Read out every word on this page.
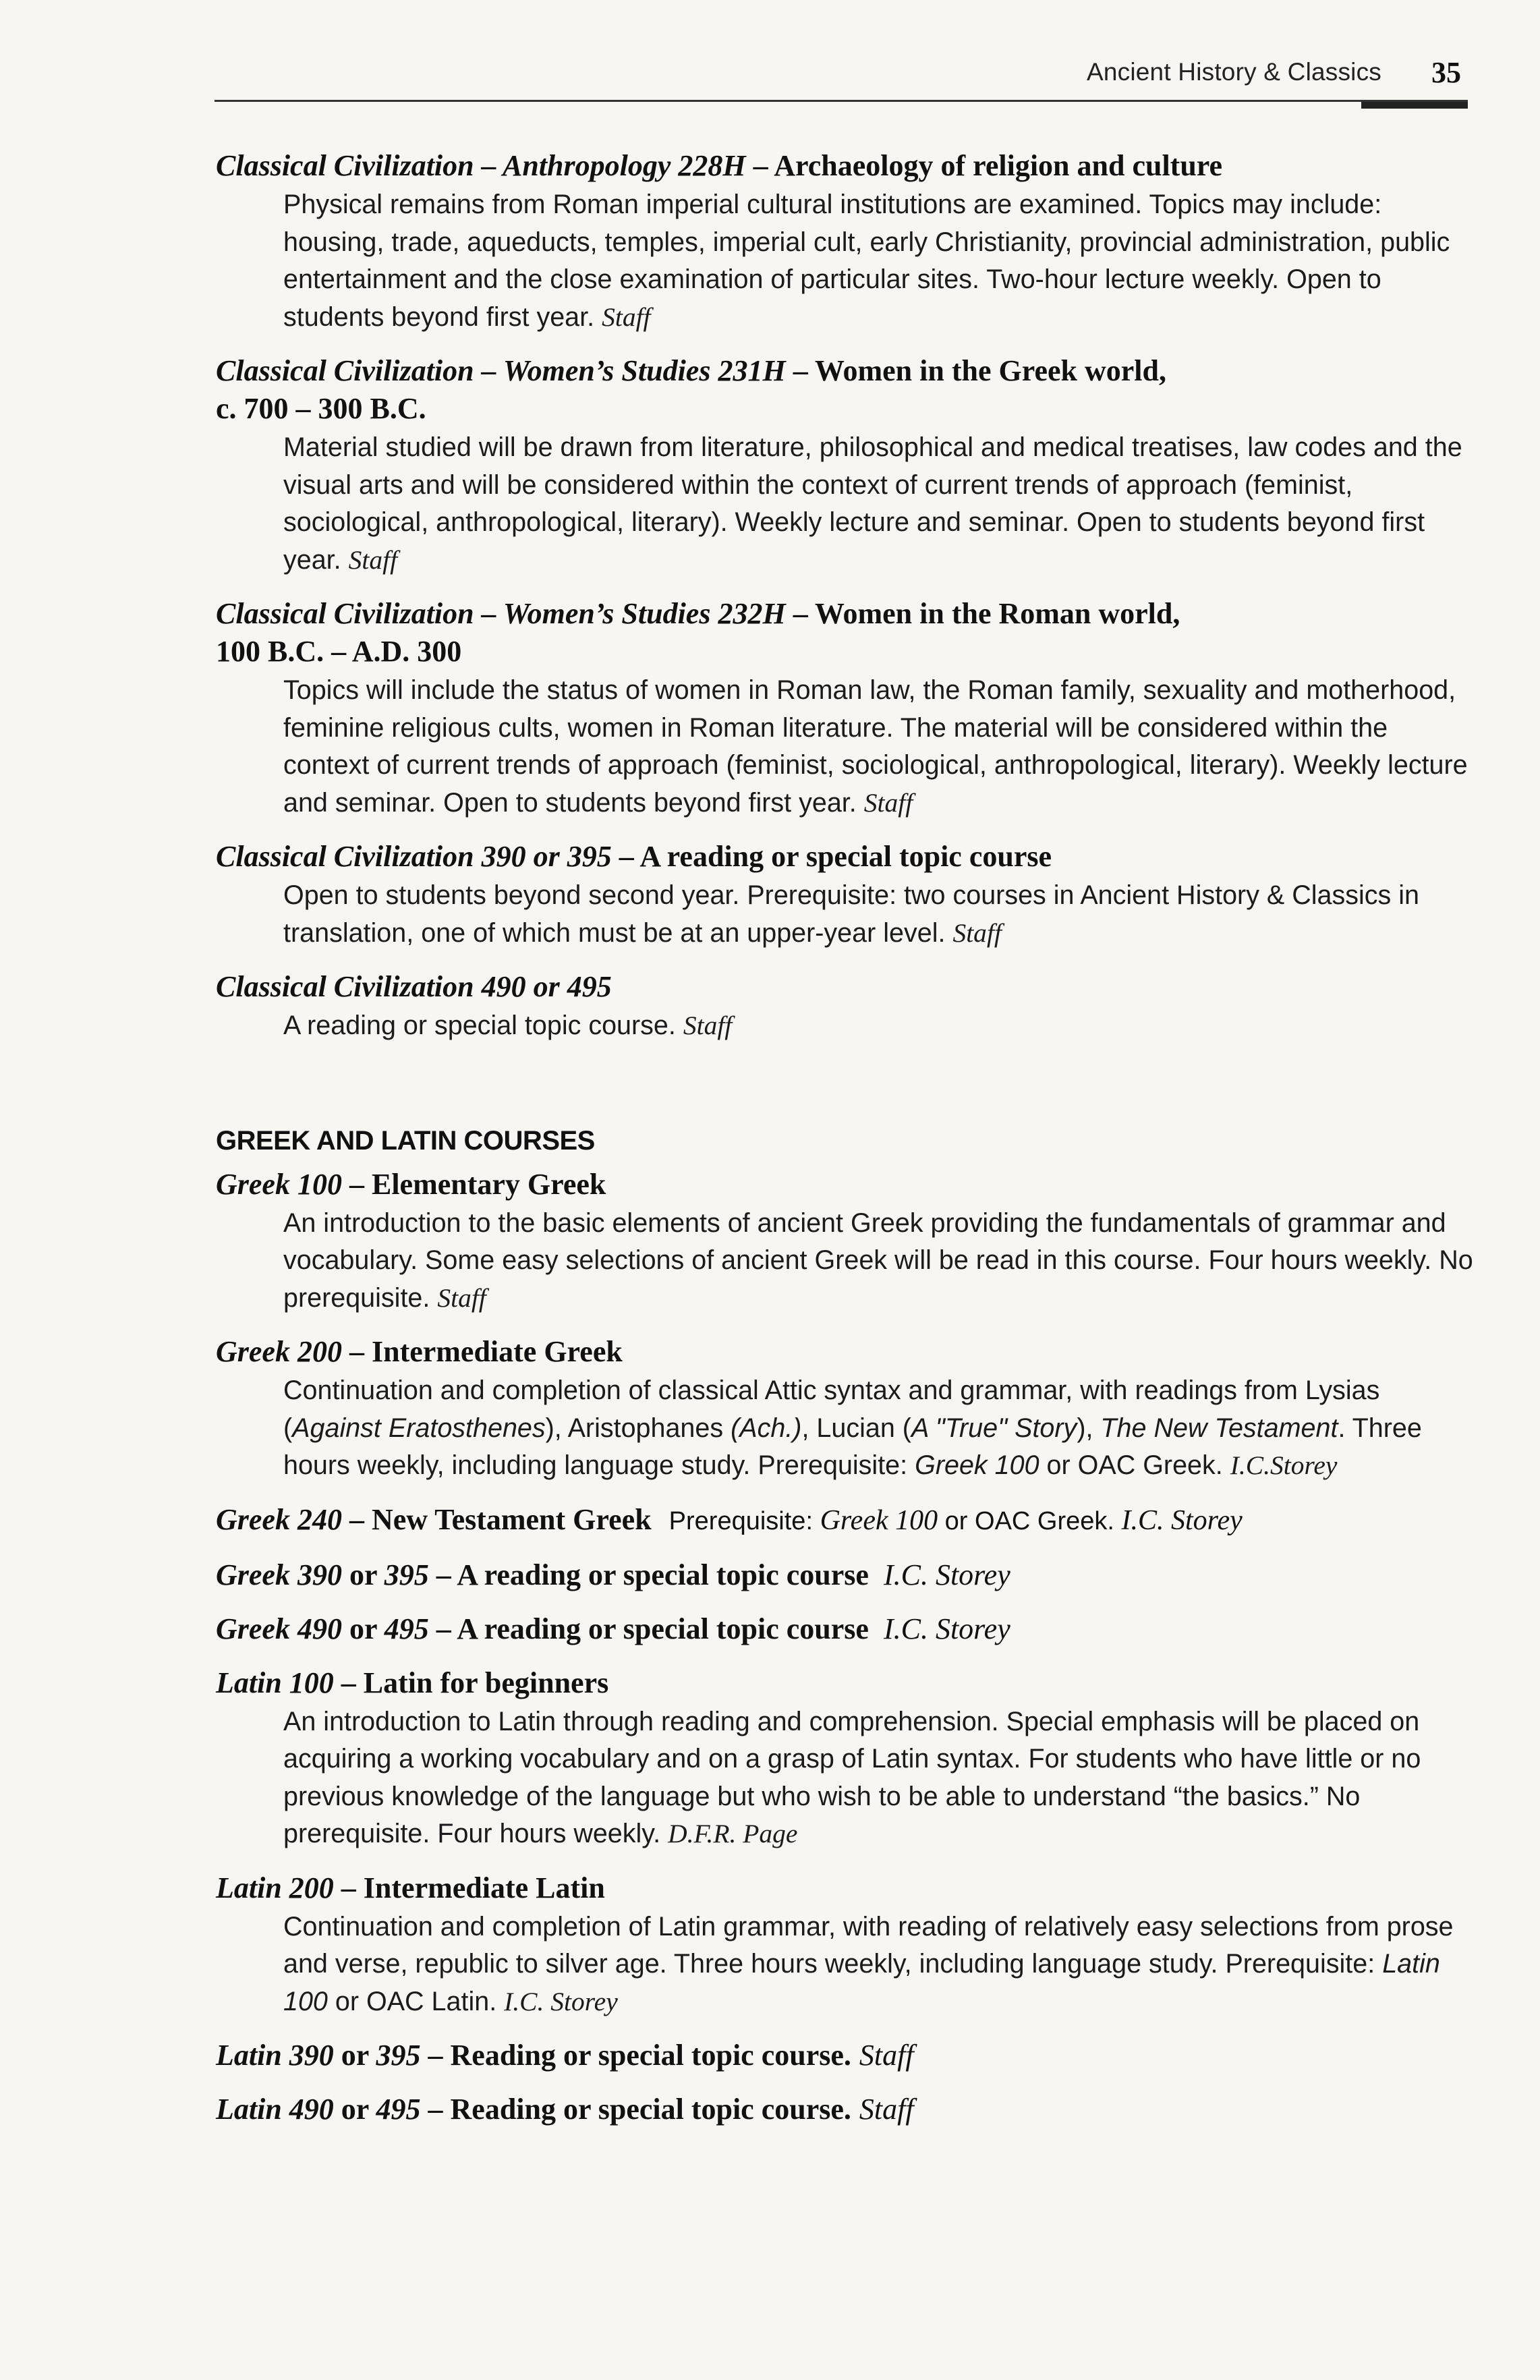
Ancient History & Classics 35
Classical Civilization – Anthropology 228H – Archaeology of religion and culture
Physical remains from Roman imperial cultural institutions are examined. Topics may include: housing, trade, aqueducts, temples, imperial cult, early Christianity, provincial administration, public entertainment and the close examination of particular sites. Two-hour lecture weekly. Open to students beyond first year. Staff
Classical Civilization – Women’s Studies 231H – Women in the Greek world,
c. 700 – 300 B.C.
Material studied will be drawn from literature, philosophical and medical treatises, law codes and the visual arts and will be considered within the context of current trends of approach (feminist, sociological, anthropological, literary). Weekly lecture and seminar. Open to students beyond first year. Staff
Classical Civilization – Women’s Studies 232H – Women in the Roman world,
100 B.C. – A.D. 300
Topics will include the status of women in Roman law, the Roman family, sexuality and motherhood, feminine religious cults, women in Roman literature. The material will be considered within the context of current trends of approach (feminist, sociological, anthropological, literary). Weekly lecture and seminar. Open to students beyond first year. Staff
Classical Civilization 390 or 395 – A reading or special topic course
Open to students beyond second year. Prerequisite: two courses in Ancient History & Classics in translation, one of which must be at an upper-year level. Staff
Classical Civilization 490 or 495
A reading or special topic course. Staff
GREEK AND LATIN COURSES
Greek 100 – Elementary Greek
An introduction to the basic elements of ancient Greek providing the fundamentals of grammar and vocabulary. Some easy selections of ancient Greek will be read in this course. Four hours weekly. No prerequisite. Staff
Greek 200 – Intermediate Greek
Continuation and completion of classical Attic syntax and grammar, with readings from Lysias (Against Eratosthenes), Aristophanes (Ach.), Lucian (A "True" Story), The New Testament. Three hours weekly, including language study. Prerequisite: Greek 100 or OAC Greek. I.C.Storey
Greek 240 – New Testament Greek Prerequisite: Greek 100 or OAC Greek. I.C. Storey
Greek 390 or 395 – A reading or special topic course I.C. Storey
Greek 490 or 495 – A reading or special topic course I.C. Storey
Latin 100 – Latin for beginners
An introduction to Latin through reading and comprehension. Special emphasis will be placed on acquiring a working vocabulary and on a grasp of Latin syntax. For students who have little or no previous knowledge of the language but who wish to be able to understand “the basics.” No prerequisite. Four hours weekly. D.F.R. Page
Latin 200 – Intermediate Latin
Continuation and completion of Latin grammar, with reading of relatively easy selections from prose and verse, republic to silver age. Three hours weekly, including language study. Prerequisite: Latin 100 or OAC Latin. I.C. Storey
Latin 390 or 395 – Reading or special topic course. Staff
Latin 490 or 495 – Reading or special topic course. Staff
